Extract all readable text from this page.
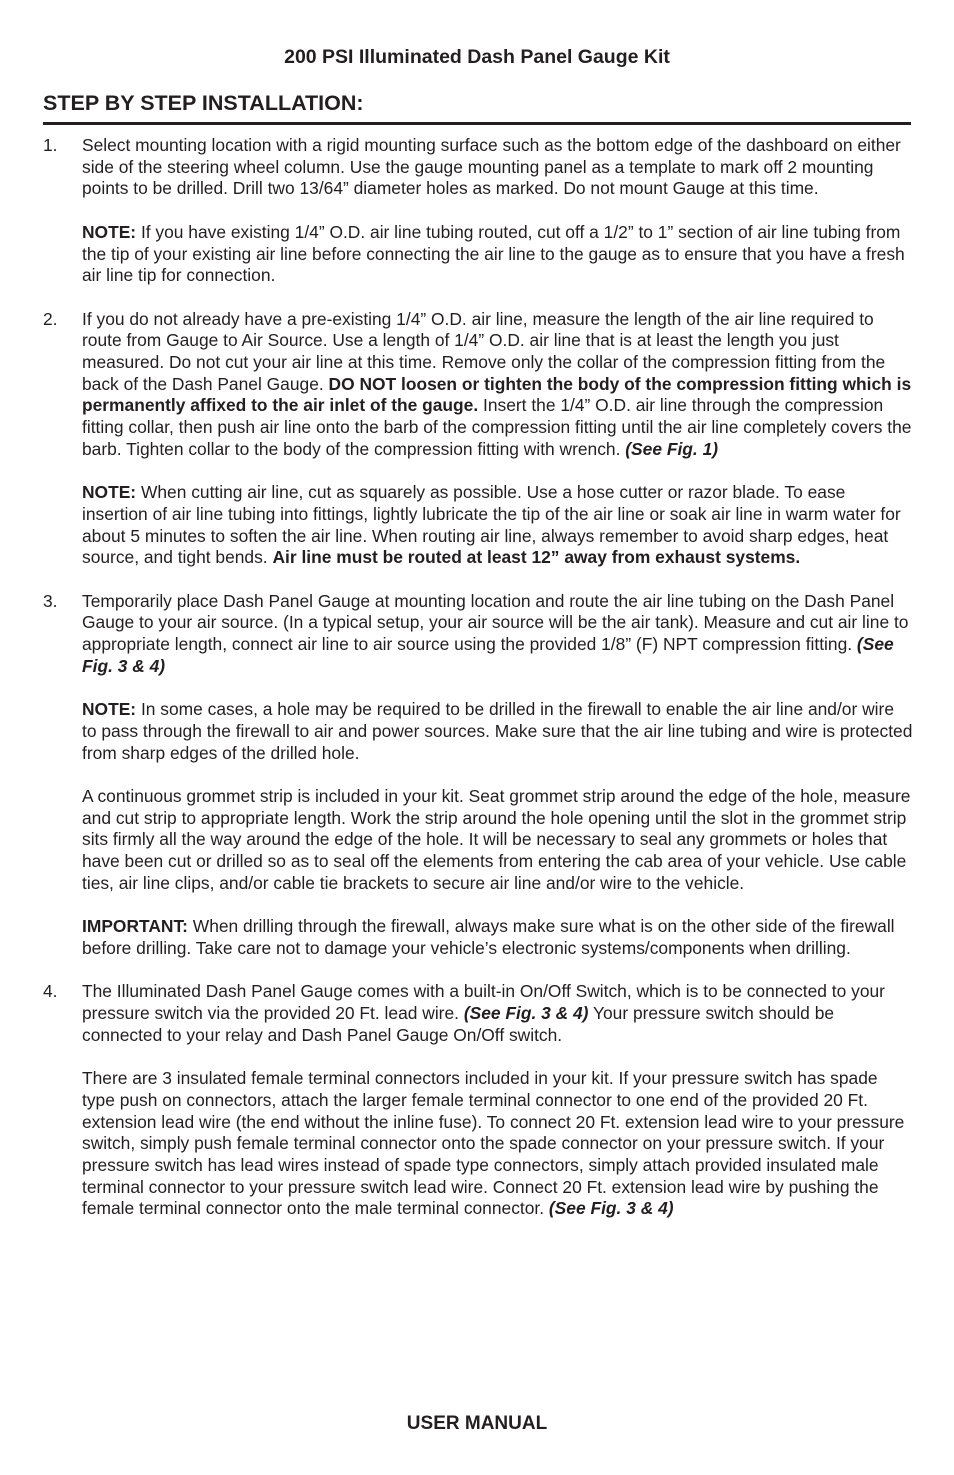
200 PSI Illuminated Dash Panel Gauge Kit
STEP BY STEP INSTALLATION:
1. Select mounting location with a rigid mounting surface such as the bottom edge of the dashboard on either side of the steering wheel column. Use the gauge mounting panel as a template to mark off 2 mounting points to be drilled. Drill two 13/64” diameter holes as marked. Do not mount Gauge at this time.

NOTE: If you have existing 1/4” O.D. air line tubing routed, cut off a 1/2” to 1” section of air line tubing from the tip of your existing air line before connecting the air line to the gauge as to ensure that you have a fresh air line tip for connection.

2. If you do not already have a pre-existing 1/4” O.D. air line, measure the length of the air line required to route from Gauge to Air Source. Use a length of 1/4” O.D. air line that is at least the length you just measured. Do not cut your air line at this time. Remove only the collar of the compression fitting from the back of the Dash Panel Gauge. DO NOT loosen or tighten the body of the compression fitting which is permanently affixed to the air inlet of the gauge. Insert the 1/4” O.D. air line through the compression fitting collar, then push air line onto the barb of the compression fitting until the air line completely covers the barb. Tighten collar to the body of the compression fitting with wrench. (See Fig. 1)

NOTE: When cutting air line, cut as squarely as possible. Use a hose cutter or razor blade. To ease insertion of air line tubing into fittings, lightly lubricate the tip of the air line or soak air line in warm water for about 5 minutes to soften the air line. When routing air line, always remember to avoid sharp edges, heat source, and tight bends. Air line must be routed at least 12” away from exhaust systems.

3. Temporarily place Dash Panel Gauge at mounting location and route the air line tubing on the Dash Panel Gauge to your air source. (In a typical setup, your air source will be the air tank). Measure and cut air line to appropriate length, connect air line to air source using the provided 1/8” (F) NPT compression fitting. (See Fig. 3 & 4)

NOTE: In some cases, a hole may be required to be drilled in the firewall to enable the air line and/or wire to pass through the firewall to air and power sources. Make sure that the air line tubing and wire is protected from sharp edges of the drilled hole.

A continuous grommet strip is included in your kit. Seat grommet strip around the edge of the hole, measure and cut strip to appropriate length. Work the strip around the hole opening until the slot in the grommet strip sits firmly all the way around the edge of the hole. It will be necessary to seal any grommets or holes that have been cut or drilled so as to seal off the elements from entering the cab area of your vehicle. Use cable ties, air line clips, and/or cable tie brackets to secure air line and/or wire to the vehicle.

IMPORTANT: When drilling through the firewall, always make sure what is on the other side of the firewall before drilling. Take care not to damage your vehicle’s electronic systems/components when drilling.

4. The Illuminated Dash Panel Gauge comes with a built-in On/Off Switch, which is to be connected to your pressure switch via the provided 20 Ft. lead wire. (See Fig. 3 & 4) Your pressure switch should be connected to your relay and Dash Panel Gauge On/Off switch.

There are 3 insulated female terminal connectors included in your kit. If your pressure switch has spade type push on connectors, attach the larger female terminal connector to one end of the provided 20 Ft. extension lead wire (the end without the inline fuse). To connect 20 Ft. extension lead wire to your pressure switch, simply push female terminal connector onto the spade connector on your pressure switch. If your pressure switch has lead wires instead of spade type connectors, simply attach provided insulated male terminal connector to your pressure switch lead wire. Connect 20 Ft. extension lead wire by pushing the female terminal connector onto the male terminal connector. (See Fig. 3 & 4)

USER MANUAL
